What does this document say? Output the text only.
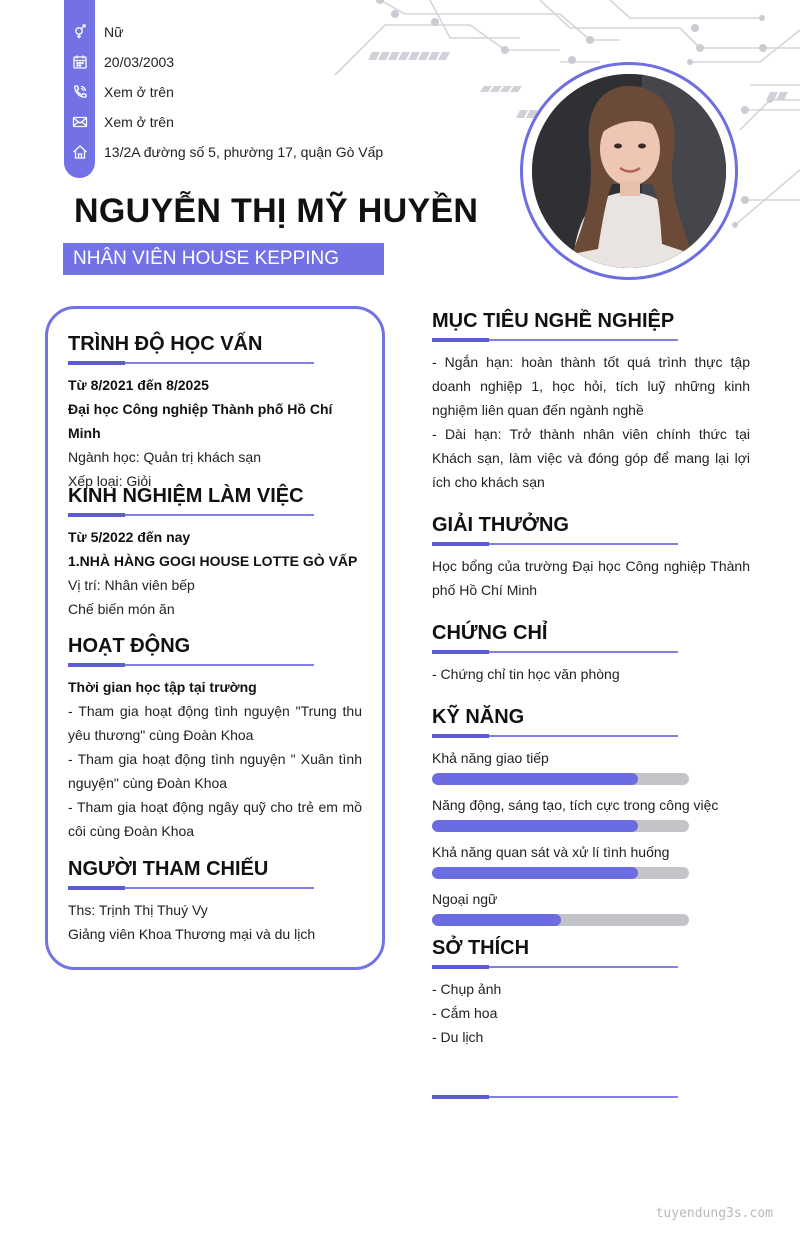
Nữ
20/03/2003
Xem ở trên
Xem ở trên
13/2A đường số 5, phường 17, quận Gò Vấp
NGUYỄN THỊ MỸ HUYỀN
NHÂN VIÊN HOUSE KEPPING
TRÌNH ĐỘ HỌC VẤN
Từ 8/2021 đến 8/2025
Đại học Công nghiệp Thành phố Hồ Chí Minh
Ngành học: Quản trị khách sạn
Xếp loại: Giỏi
KINH NGHIỆM LÀM VIỆC
Từ 5/2022 đến nay
1.NHÀ HÀNG GOGI HOUSE LOTTE GÒ VẤP
Vị trí: Nhân viên bếp
Chế biến món ăn
HOẠT ĐỘNG
Thời gian học tập tại trường
- Tham gia hoạt động tình nguyện "Trung thu yêu thương" cùng Đoàn Khoa
- Tham gia hoạt động tình nguyện " Xuân tình nguyện" cùng Đoàn Khoa
- Tham gia hoạt động ngây quỹ cho trẻ em mồ côi cùng Đoàn Khoa
NGƯỜI THAM CHIẾU
Ths: Trịnh Thị Thuý Vy
Giảng viên Khoa Thương mại và du lịch
MỤC TIÊU NGHỀ NGHIỆP
- Ngắn hạn: hoàn thành tốt quá trình thực tập doanh nghiệp 1, học hỏi, tích luỹ những kinh nghiệm liên quan đến ngành nghề
- Dài hạn: Trở thành nhân viên chính thức tại Khách sạn, làm việc và đóng góp để mang lại lợi ích cho khách sạn
GIẢI THƯỞNG
Học bổng của trường Đại học Công nghiệp Thành phố Hồ Chí Minh
CHỨNG CHỈ
- Chứng chỉ tin học văn phòng
KỸ NĂNG
Khả năng giao tiếp
Năng động, sáng tạo, tích cực trong công việc
Khả năng quan sát và xử lí tình huống
Ngoại ngữ
SỞ THÍCH
- Chụp ảnh
- Cắm hoa
- Du lịch
tuyendung3s.com
